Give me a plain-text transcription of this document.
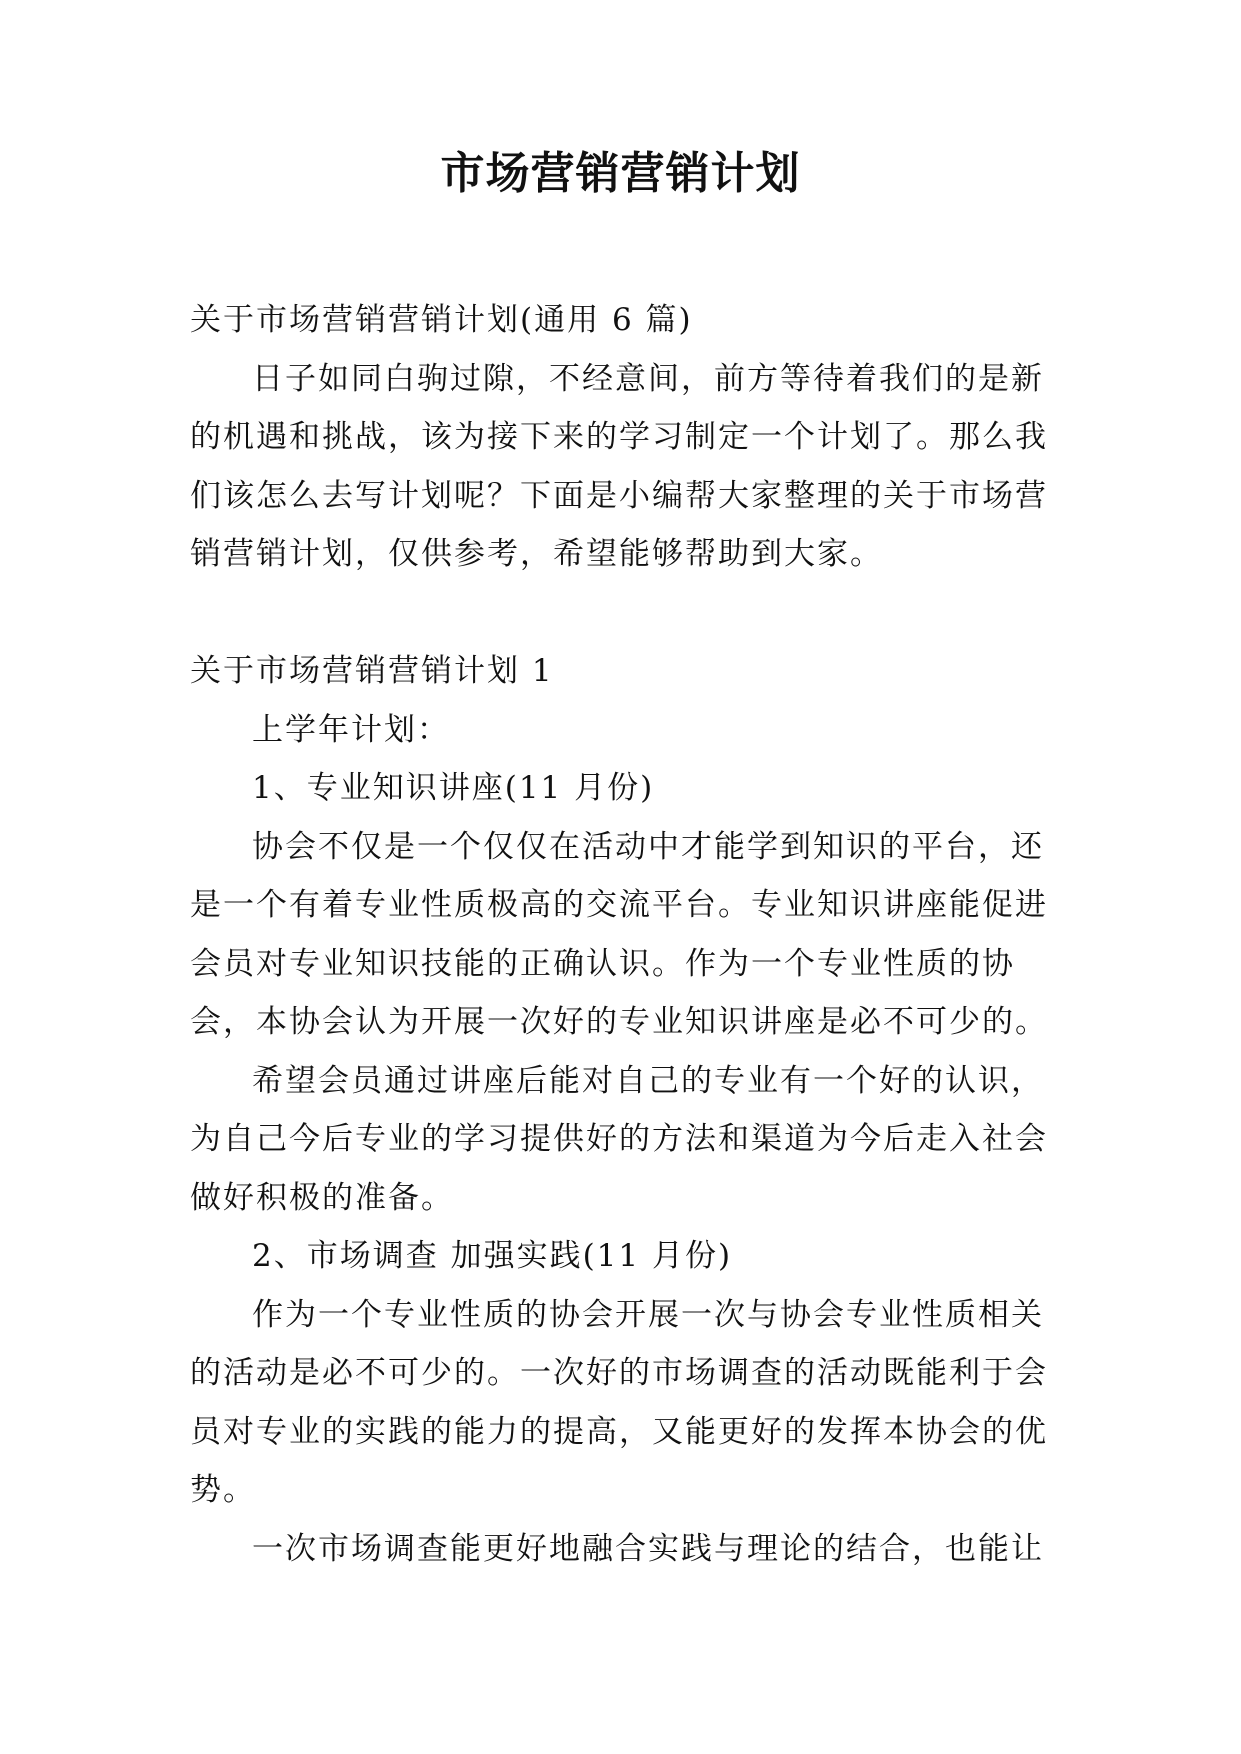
市场营销营销计划

关于市场营销营销计划(通用 6 篇)

日子如同白驹过隙，不经意间，前方等待着我们的是新的机遇和挑战，该为接下来的学习制定一个计划了。那么我们该怎么去写计划呢？下面是小编帮大家整理的关于市场营销营销计划，仅供参考，希望能够帮助到大家。

关于市场营销营销计划 1

上学年计划：

1、专业知识讲座(11 月份)

协会不仅是一个仅仅在活动中才能学到知识的平台，还是一个有着专业性质极高的交流平台。专业知识讲座能促进会员对专业知识技能的正确认识。作为一个专业性质的协会，本协会认为开展一次好的专业知识讲座是必不可少的。

希望会员通过讲座后能对自己的专业有一个好的认识，为自己今后专业的学习提供好的方法和渠道为今后走入社会做好积极的准备。

2、市场调查 加强实践(11 月份)

作为一个专业性质的协会开展一次与协会专业性质相关的活动是必不可少的。一次好的市场调查的活动既能利于会员对专业的实践的能力的提高，又能更好的发挥本协会的优势。

一次市场调查能更好地融合实践与理论的结合，也能让
